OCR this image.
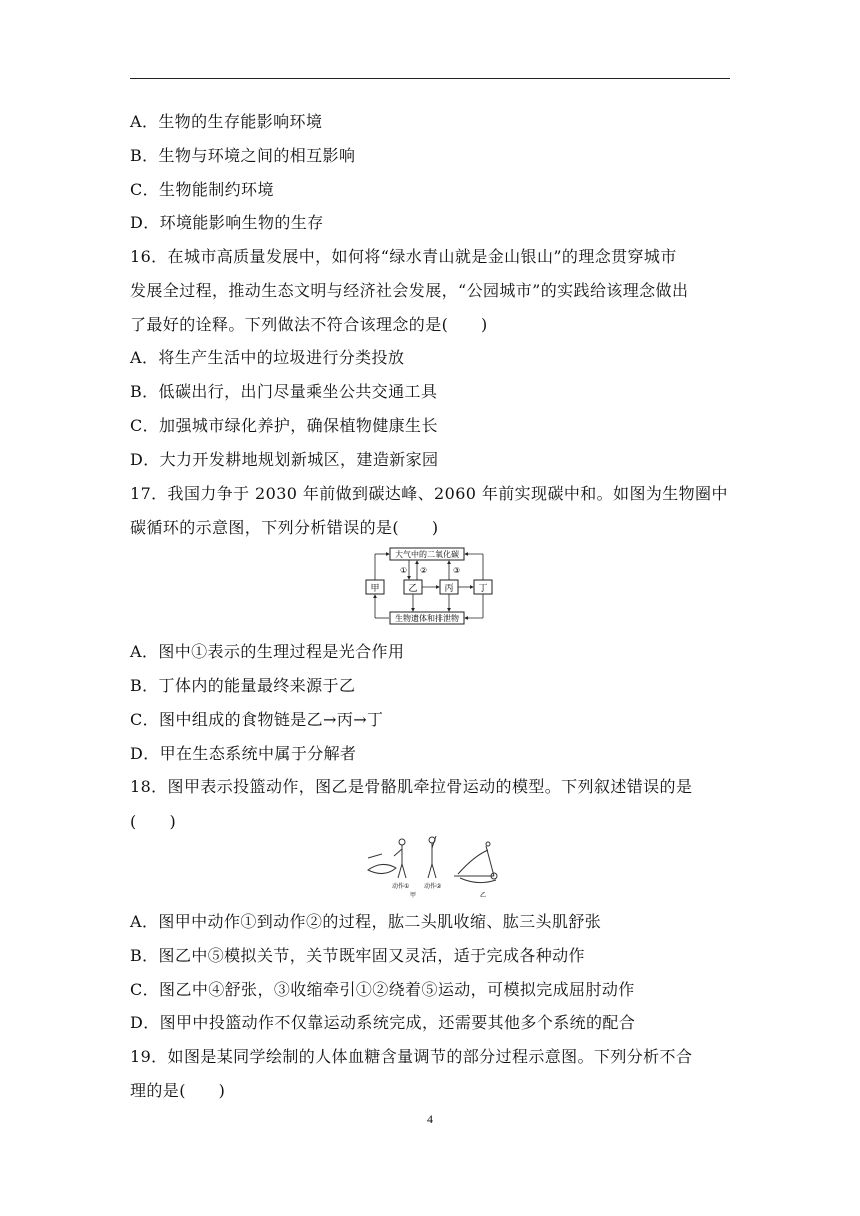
A．生物的生存能影响环境
B．生物与环境之间的相互影响
C．生物能制约环境
D．环境能影响生物的生存
16．在城市高质量发展中，如何将“绿水青山就是金山银山”的理念贯穿城市
发展全过程，推动生态文明与经济社会发展，“公园城市”的实践给该理念做出
了最好的诠释。下列做法不符合该理念的是(　　)
A．将生产生活中的垃圾进行分类投放
B．低碳出行，出门尽量乘坐公共交通工具
C．加强城市绿化养护，确保植物健康生长
D．大力开发耕地规划新城区，建造新家园
17．我国力争于 2030 年前做到碳达峰、2060 年前实现碳中和。如图为生物圈中
碳循环的示意图，下列分析错误的是(　　)
大气中的二氧化碳
生物遗体和排泄物
甲	乙	丙	丁
① ②	③
A．图中①表示的生理过程是光合作用
B．丁体内的能量最终来源于乙
C．图中组成的食物链是乙→丙→丁
D．甲在生态系统中属于分解者
18．图甲表示投篮动作，图乙是骨骼肌牵拉骨运动的模型。下列叙述错误的是
(　　)
动作① 动作②
甲	乙
A．图甲中动作①到动作②的过程，肱二头肌收缩、肱三头肌舒张
B．图乙中⑤模拟关节，关节既牢固又灵活，适于完成各种动作
C．图乙中④舒张，③收缩牵引①②绕着⑤运动，可模拟完成屈肘动作
D．图甲中投篮动作不仅靠运动系统完成，还需要其他多个系统的配合
19．如图是某同学绘制的人体血糖含量调节的部分过程示意图。下列分析不合
理的是(　　)
4
